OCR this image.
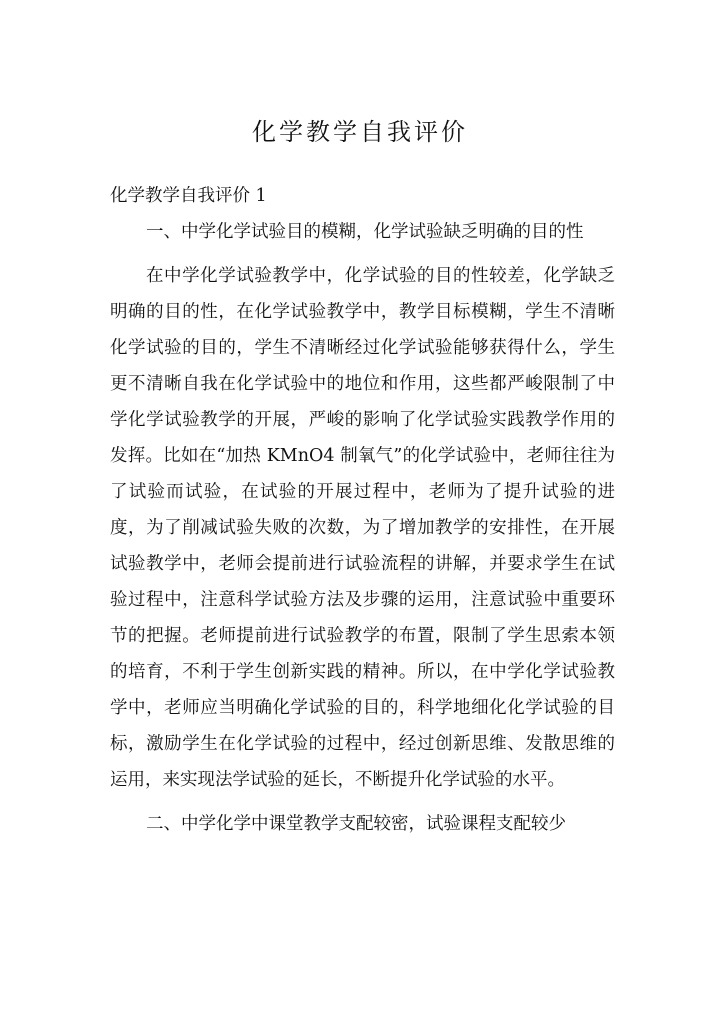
化学教学自我评价

化学教学自我评价 1

一、中学化学试验目的模糊，化学试验缺乏明确的目的性

在中学化学试验教学中，化学试验的目的性较差，化学缺乏明确的目的性，在化学试验教学中，教学目标模糊，学生不清晰化学试验的目的，学生不清晰经过化学试验能够获得什么，学生更不清晰自我在化学试验中的地位和作用，这些都严峻限制了中学化学试验教学的开展，严峻的影响了化学试验实践教学作用的发挥。比如在“加热 KMnO4 制氧气”的化学试验中，老师往往为了试验而试验，在试验的开展过程中，老师为了提升试验的进度，为了削减试验失败的次数，为了增加教学的安排性，在开展试验教学中，老师会提前进行试验流程的讲解，并要求学生在试验过程中，注意科学试验方法及步骤的运用，注意试验中重要环节的把握。老师提前进行试验教学的布置，限制了学生思索本领的培育，不利于学生创新实践的精神。所以，在中学化学试验教学中，老师应当明确化学试验的目的，科学地细化化学试验的目标，激励学生在化学试验的过程中，经过创新思维、发散思维的运用，来实现法学试验的延长，不断提升化学试验的水平。

二、中学化学中课堂教学支配较密，试验课程支配较少
